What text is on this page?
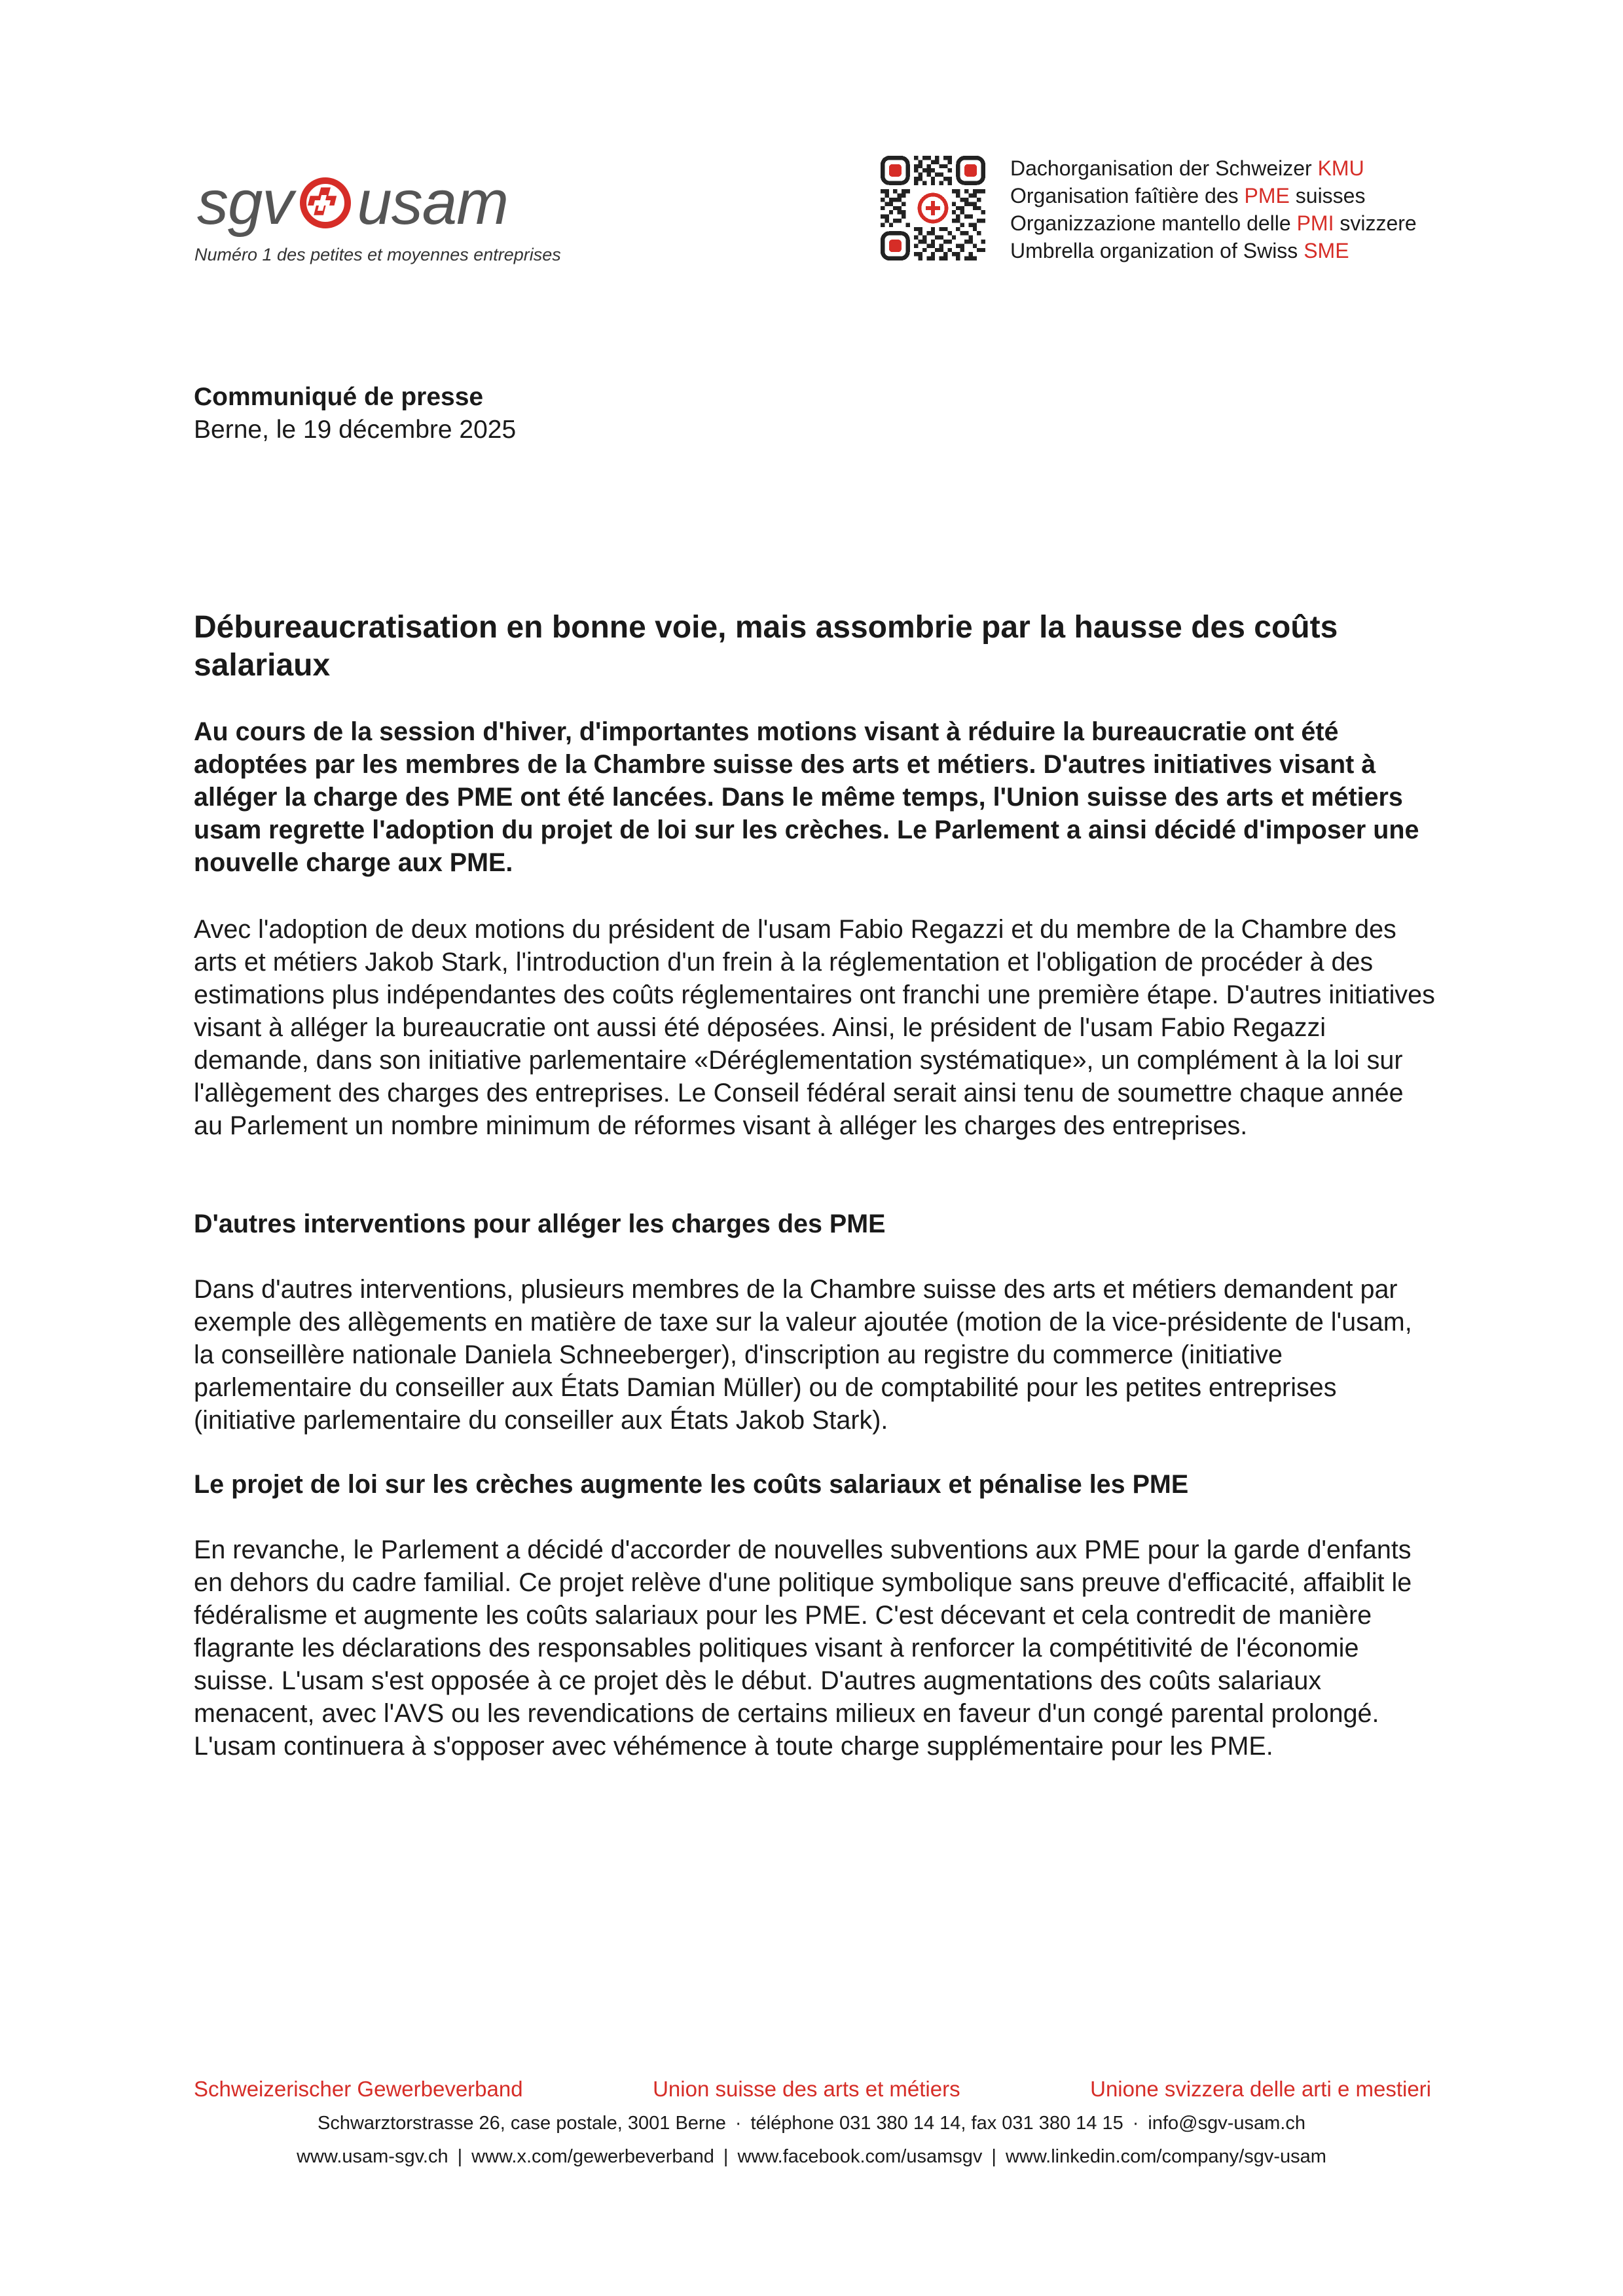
sgv usam
Numéro 1 des petites et moyennes entreprises
Dachorganisation der Schweizer KMU
Organisation faîtière des PME suisses
Organizzazione mantello delle PMI svizzere
Umbrella organization of Swiss SME
Communiqué de presse
Berne, le 19 décembre 2025
Débureaucratisation en bonne voie, mais assombrie par la hausse des coûts salariaux

Au cours de la session d'hiver, d'importantes motions visant à réduire la bureaucratie ont été adoptées par les membres de la Chambre suisse des arts et métiers. D'autres initiatives visant à alléger la charge des PME ont été lancées. Dans le même temps, l'Union suisse des arts et métiers usam regrette l'adoption du projet de loi sur les crèches. Le Parlement a ainsi décidé d'imposer une nouvelle charge aux PME.

Avec l'adoption de deux motions du président de l'usam Fabio Regazzi et du membre de la Chambre des arts et métiers Jakob Stark, l'introduction d'un frein à la réglementation et l'obligation de procéder à des estimations plus indépendantes des coûts réglementaires ont franchi une première étape. D'autres initiatives visant à alléger la bureaucratie ont aussi été déposées. Ainsi, le président de l'usam Fabio Regazzi demande, dans son initiative parlementaire «Déréglementation systématique», un complément à la loi sur l'allègement des charges des entreprises. Le Conseil fédéral serait ainsi tenu de soumettre chaque année au Parlement un nombre minimum de réformes visant à alléger les charges des entreprises.

D'autres interventions pour alléger les charges des PME

Dans d'autres interventions, plusieurs membres de la Chambre suisse des arts et métiers demandent par exemple des allègements en matière de taxe sur la valeur ajoutée (motion de la vice-présidente de l'usam, la conseillère nationale Daniela Schneeberger), d'inscription au registre du commerce (initiative parlementaire du conseiller aux États Damian Müller) ou de comptabilité pour les petites entreprises (initiative parlementaire du conseiller aux États Jakob Stark).

Le projet de loi sur les crèches augmente les coûts salariaux et pénalise les PME

En revanche, le Parlement a décidé d'accorder de nouvelles subventions aux PME pour la garde d'enfants en dehors du cadre familial. Ce projet relève d'une politique symbolique sans preuve d'efficacité, affaiblit le fédéralisme et augmente les coûts salariaux pour les PME. C'est décevant et cela contredit de manière flagrante les déclarations des responsables politiques visant à renforcer la compétitivité de l'économie suisse. L'usam s'est opposée à ce projet dès le début. D'autres augmentations des coûts salariaux menacent, avec l'AVS ou les revendications de certains milieux en faveur d'un congé parental prolongé. L'usam continuera à s'opposer avec véhémence à toute charge supplémentaire pour les PME.

Schweizerischer Gewerbeverband	Union suisse des arts et métiers	Unione svizzera delle arti e mestieri
Schwarztorstrasse 26, case postale, 3001 Berne · téléphone 031 380 14 14, fax 031 380 14 15 · info@sgv-usam.ch
www.usam-sgv.ch | www.x.com/gewerbeverband | www.facebook.com/usamsgv | www.linkedin.com/company/sgv-usam
